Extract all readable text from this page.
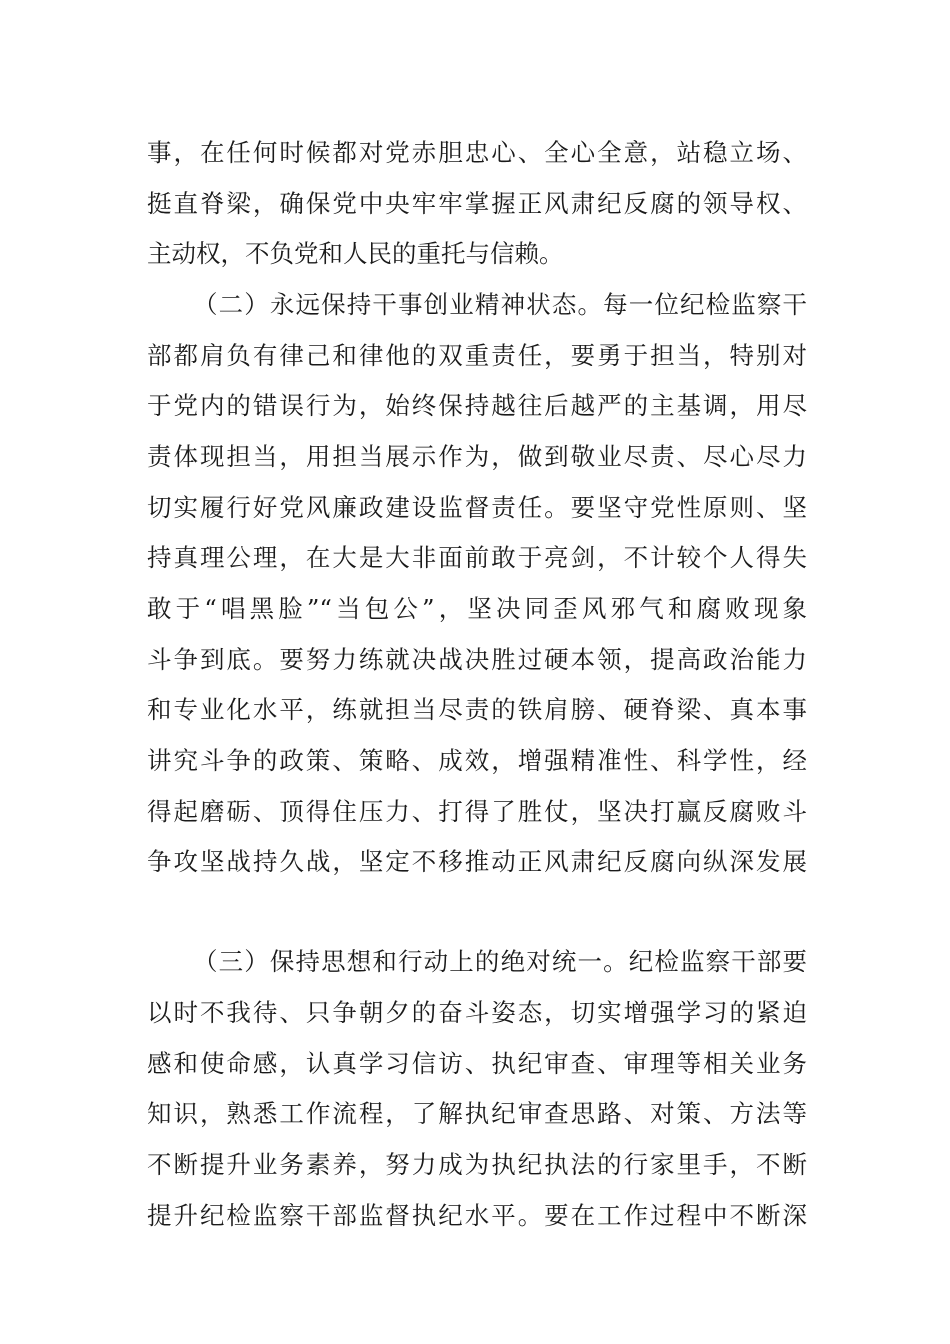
事，在任何时候都对党赤胆忠心、全心全意，站稳立场、
挺直脊梁，确保党中央牢牢掌握正风肃纪反腐的领导权、
主动权，不负党和人民的重托与信赖。
（二）永远保持干事创业精神状态。每一位纪检监察干
部都肩负有律己和律他的双重责任，要勇于担当，特别对
于党内的错误行为，始终保持越往后越严的主基调，用尽
责体现担当，用担当展示作为，做到敬业尽责、尽心尽力
切实履行好党风廉政建设监督责任。要坚守党性原则、坚
持真理公理，在大是大非面前敢于亮剑，不计较个人得失
敢于“唱黑脸”“当包公”，坚决同歪风邪气和腐败现象
斗争到底。要努力练就决战决胜过硬本领，提高政治能力
和专业化水平，练就担当尽责的铁肩膀、硬脊梁、真本事
讲究斗争的政策、策略、成效，增强精准性、科学性，经
得起磨砺、顶得住压力、打得了胜仗，坚决打赢反腐败斗
争攻坚战持久战，坚定不移推动正风肃纪反腐向纵深发展
（三）保持思想和行动上的绝对统一。纪检监察干部要
以时不我待、只争朝夕的奋斗姿态，切实增强学习的紧迫
感和使命感，认真学习信访、执纪审查、审理等相关业务
知识，熟悉工作流程，了解执纪审查思路、对策、方法等
不断提升业务素养，努力成为执纪执法的行家里手，不断
提升纪检监察干部监督执纪水平。要在工作过程中不断深
